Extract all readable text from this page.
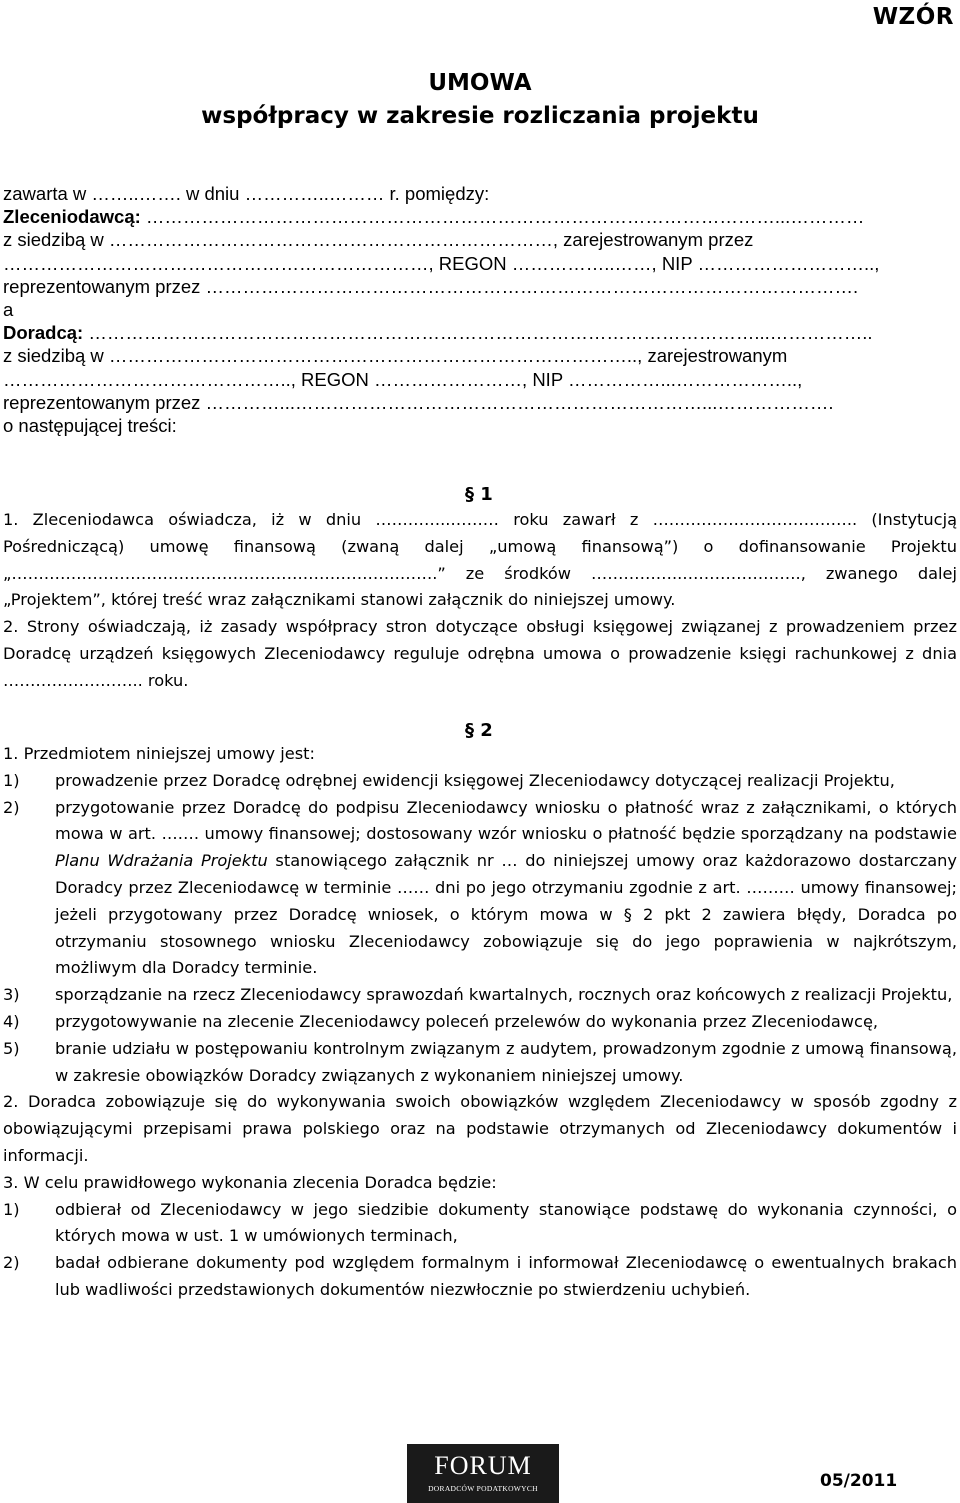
WZÓR
UMOWA
współpracy w zakresie rozliczania projektu
zawarta w ……..……. w dniu …………..……… r. pomiędzy:
Zleceniodawcą: …………………………………………………………………………………………...…………
z siedzibą w ………………………………………………………………, zarejestrowanym przez
……………………………………………………………, REGON ……………..……, NIP ………………………..,
reprezentowanym przez …………………………………………………………………………………………….
a
Doradcą: ………………………………………………………………………………………………...……………..
z siedzibą w ………………………………………………………………………….., zarejestrowanym
……………………………………….., REGON ……………………, NIP ……………...………………..,
reprezentowanym przez …………...…………………………………………………………...……………….
o następującej treści:
§ 1

1. Zleceniodawca oświadcza, iż w dniu …………..……… roku zawarł z ……………………………….. (Instytucją Pośredniczącą) umowę finansową (zwaną dalej „umową finansową”) o dofinansowanie Projektu „…………………………………………………………………….” ze środków ……………..…………………., zwanego dalej „Projektem”, której treść wraz załącznikami stanowi załącznik do niniejszej umowy.

2. Strony oświadczają, iż zasady współpracy stron dotyczące obsługi księgowej związanej z prowadzeniem przez Doradcę urządzeń księgowych Zleceniodawcy reguluje odrębna umowa o prowadzenie księgi rachunkowej z dnia …………………….. roku.

§ 2

1. Przedmiotem niniejszej umowy jest:

1) prowadzenie przez Doradcę odrębnej ewidencji księgowej Zleceniodawcy dotyczącej realizacji Projektu,
2) przygotowanie przez Doradcę do podpisu Zleceniodawcy wniosku o płatność wraz z załącznikami, o których mowa w art. ……. umowy finansowej; dostosowany wzór wniosku o płatność będzie sporządzany na podstawie Planu Wdrażania Projektu stanowiącego załącznik nr … do niniejszej umowy oraz każdorazowo dostarczany Doradcy przez Zleceniodawcę w terminie …… dni po jego otrzymaniu zgodnie z art. ……… umowy finansowej; jeżeli przygotowany przez Doradcę wniosek, o którym mowa w § 2 pkt 2 zawiera błędy, Doradca po otrzymaniu stosownego wniosku Zleceniodawcy zobowiązuje się do jego poprawienia w najkrótszym, możliwym dla Doradcy terminie.
3) sporządzanie na rzecz Zleceniodawcy sprawozdań kwartalnych, rocznych oraz końcowych z realizacji Projektu,
4) przygotowywanie na zlecenie Zleceniodawcy poleceń przelewów do wykonania przez Zleceniodawcę,
5) branie udziału w postępowaniu kontrolnym związanym z audytem, prowadzonym zgodnie z umową finansową, w zakresie obowiązków Doradcy związanych z wykonaniem niniejszej umowy.

2. Doradca zobowiązuje się do wykonywania swoich obowiązków względem Zleceniodawcy w sposób zgodny z obowiązującymi przepisami prawa polskiego oraz na podstawie otrzymanych od Zleceniodawcy dokumentów i informacji.

3. W celu prawidłowego wykonania zlecenia Doradca będzie:

1) odbierał od Zleceniodawcy w jego siedzibie dokumenty stanowiące podstawę do wykonania czynności, o których mowa w ust. 1 w umówionych terminach,
2) badał odbierane dokumenty pod względem formalnym i informował Zleceniodawcę o ewentualnych brakach lub wadliwości przedstawionych dokumentów niezwłocznie po stwierdzeniu uchybień.
FORUM
DORADCÓW PODATKOWYCH	05/2011
